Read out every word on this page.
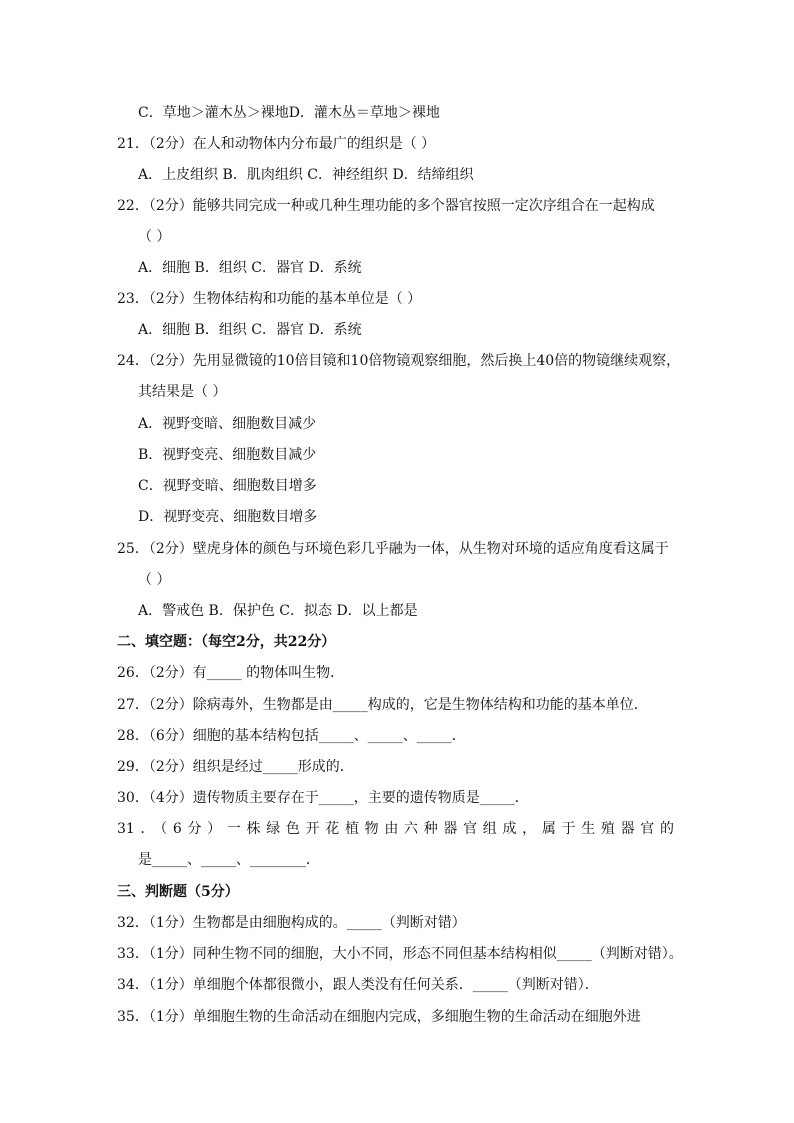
C．草地＞灌木丛＞裸地D．灌木丛＝草地＞裸地
21．（2分）在人和动物体内分布最广的组织是（ ）
A．上皮组织 B．肌肉组织 C．神经组织 D．结缔组织
22．（2分）能够共同完成一种或几种生理功能的多个器官按照一定次序组合在一起构成
（ ）
A．细胞 B．组织 C．器官 D．系统
23．（2分）生物体结构和功能的基本单位是（ ）
A．细胞 B．组织 C．器官 D．系统
24．（2分）先用显微镜的10倍目镜和10倍物镜观察细胞，然后换上40倍的物镜继续观察，
其结果是（ ）
A．视野变暗、细胞数目减少
B．视野变亮、细胞数目减少
C．视野变暗、细胞数目增多
D．视野变亮、细胞数目增多
25．（2分）壁虎身体的颜色与环境色彩几乎融为一体，从生物对环境的适应角度看这属于
（ ）
A．警戒色 B．保护色 C．拟态 D．以上都是
二、填空题：（每空2分，共22分）
26．（2分）有_____ 的物体叫生物．
27．（2分）除病毒外，生物都是由_____构成的，它是生物体结构和功能的基本单位．
28．（6分）细胞的基本结构包括_____、_____、_____．
29．（2分）组织是经过_____形成的．
30．（4分）遗传物质主要存在于_____，主要的遗传物质是_____．
31．（6分）一株绿色开花植物由六种器官组成，属于生殖器官的
是_____、_____、________．
三、判断题（5分）
32．（1分）生物都是由细胞构成的。_____（判断对错）
33．（1分）同种生物不同的细胞，大小不同，形态不同但基本结构相似_____（判断对错）。
34．（1分）单细胞个体都很微小，跟人类没有任何关系．_____（判断对错）．
35．（1分）单细胞生物的生命活动在细胞内完成，多细胞生物的生命活动在细胞外进
